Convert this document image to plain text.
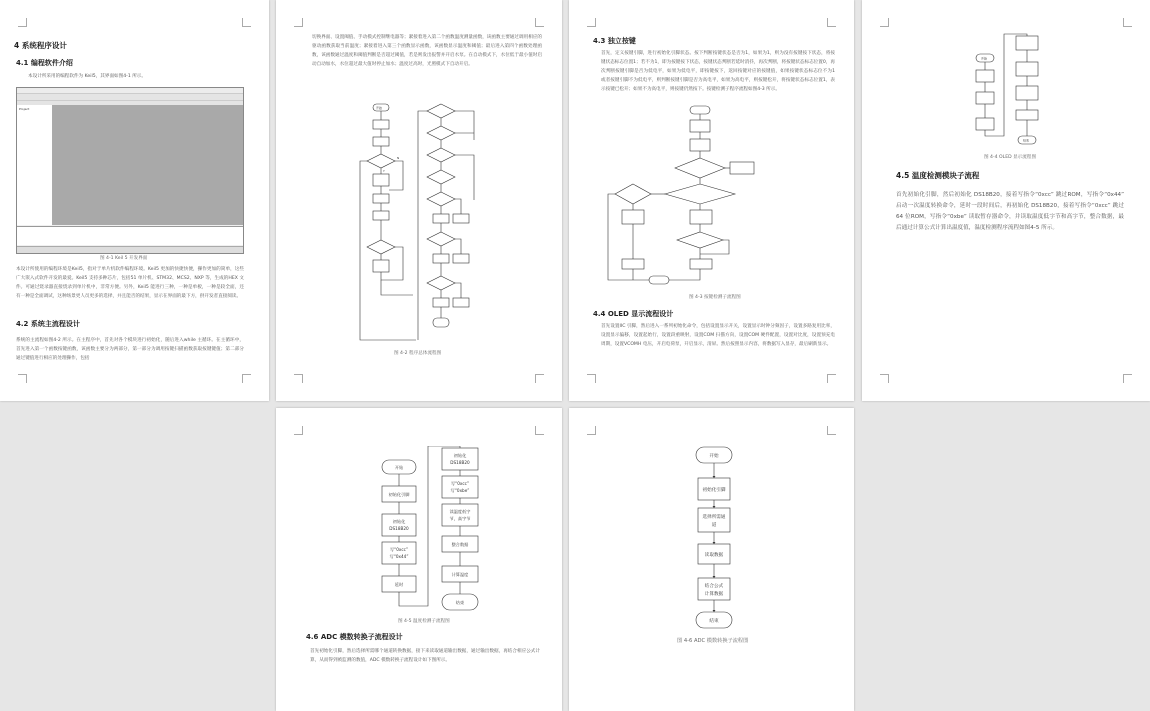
4 系统程序设计
4.1 编程软件介绍
本设计所采用的编程软件为 Keil5，其界面如图4-1 所示。
Project
图 4-1 Keil 5 开发界面
本设计所使用的编程环境是Keil5，指对于单片机软件编程环境。Keil5 更加的快捷快便，操作更加的简单，这些广大嵌入式软件开发的最爱。Keil5 支持多种芯片，包括51 单片机、STM32、MCS2、NXP 等，生成的HEX 文件。可通过烧录器直接烧录到单片机中，非常方便。另外，Keil5 能进行三种，一种是单板，一种是较全面，还有一种是全面调试，这种场景更人员更多的选择，并且能否的结果，显示在界面的最下方，供开发者直接阅读。
4.2 系统主流程设计
系统的主流程如图4-2 所示。在主程序中，首先对各个模块进行初始化，随后进入while 主循环。在主循环中，首先进入第一个函数按键函数，该函数主要分为两部分，第一部分为调用按键扫描函数获取按键键值；第二部分通过键值进行相应的处理操作，包括
切换界面、设置阈值、手动模式控制继电器等；紧接着进入第二个函数温度测量函数，该函数主要通过调用相应的驱动函数获取当前温度；紧接着进入第三个函数显示函数，该函数显示温度和阈值；最后进入第四个函数处理函数，该函数通过温度和阈值判断是否超过阈值，若是则发出报警并开启水泵。在自动模式下，水位低于最小值时启动自动加水，水位超过最大值时停止加水；温度过高时，光照模式下自动开启。
开始
Y
N
图 4-2 程序总体流程图
4.3 独立按键
首先，定义按键引脚，进行初始化引脚状态。按下判断按键状态是否为1，如果为1，则为没有按键按下状态，将按键状态标志位置1；若不为1，即为按键按下状态，按键状态判断若延时消抖，再次判断，将按键状态标志位置0，再次判断按键引脚是否为低电平，如果为低电平，即按键按下，返回按键对应的按键值，如果按键状态标志位不为1 或者按键引脚不为低电平，则判断按键引脚是否为高电平，如果为高电平，则按键松开，将按键状态标志位置1，表示按键已松开；如果不为高电平，则按键仍然按下。按键检测子程序流程如图4-3 所示。
图 4-3 按键检测子流程图
4.4 OLED 显示流程设计
首先设置IIC 引脚，然后进入一系列初始化命令，包括设置显示开关，设置显示时钟分频因子，设置多路复用比率，设置显示偏移，设置起始行，设置段重映射，设置COM 扫描方向，设置COM 硬件配置，设置对比度，设置预充电周期，设置VCOMH 电压，开启电荷泵，开启显示，清屏。然后按照显示内容，将数据写入显存，最后刷新显示。
开始
结束
图 4-4 OLED 显示流程图
4.5 温度检测模块子流程
首先初始化引脚，然后初始化 DS18B20，接着写指令“0xcc” 跳过ROM，写指令“0x44” 启动一次温度转换命令，延时一段时间后，再初始化 DS18B20，接着写指令“0xcc” 跳过64 位ROM，写指令“0xbe” 读取暂存器命令，并读取温度低字节和高字节，整合数据，最后通过计算公式计算出温度值，温度检测程序流程如图4-5 所示。
开始
初始化引脚
初始化
DS18B20
写“0xcc”
写“0x44”
延时
初始化
DS18B20
写“0xcc”
写“0xbe”
读温度低字
节，高字节
整合数据
计算温度
结束
图 4-5 温度检测子流程图
4.6 ADC 模数转换子流程设计
首先初始化引脚，然后选择所需哪个通道转换数据，接下来读取通道输出数据，通过输出数据，再结合相应公式计算，从而得到被监测的数值，ADC 模数转换子流程设计如下图所示。
开始
初始化引脚
选择所需通
道
读取数据
结合公式
计算数据
结束
图 4-6 ADC 模数转换子流程图
